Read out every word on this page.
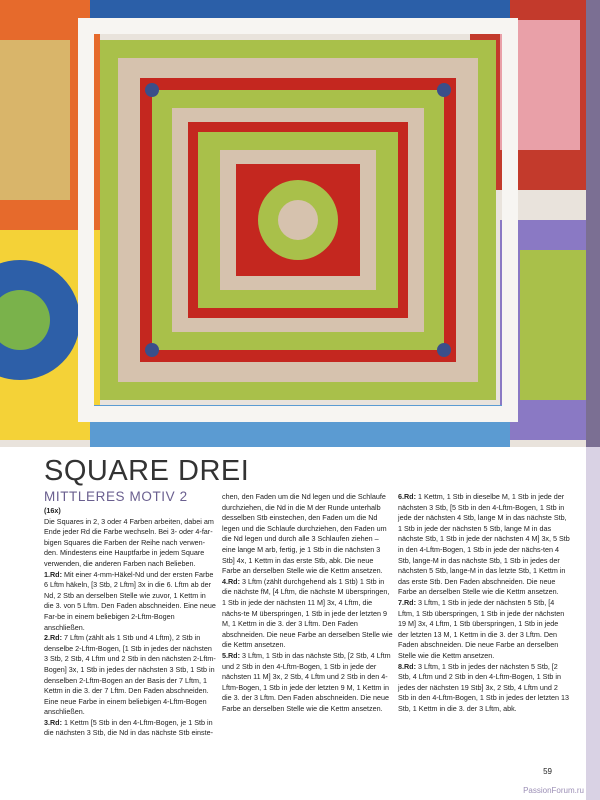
SQUARE DREI
MITTLERES MOTIV 2

(16x)

Die Squares in 2, 3 oder 4 Farben arbeiten, dabei am Ende jeder Rd die Farbe wechseln. Bei 3- oder 4-far-bigen Squares die Farben der Reihe nach verwen-den. Mindestens eine Hauptfarbe in jedem Square verwenden, die anderen Farben nach Belieben.

1.Rd: Mit einer 4-mm-Häkel-Nd und der ersten Farbe 6 Lftm häkeln, [3 Stb, 2 Lftm] 3x in die 6. Lftm ab der Nd, 2 Stb an derselben Stelle wie zuvor, 1 Kettm in die 3. von 5 Lftm. Den Faden abschneiden. Eine neue Far-be in einem beliebigen 2-Lftm-Bogen anschließen.

2.Rd: 7 Lftm (zählt als 1 Stb und 4 Lftm), 2 Stb in denselbe 2-Lftm-Bogen, [1 Stb in jedes der nächsten 3 Stb, 2 Stb, 4 Lftm und 2 Stb in den nächsten 2-Lftm-Bogen] 3x, 1 Stb in jedes der nächsten 3 Stb, 1 Stb in denselben 2-Lftm-Bogen an der Basis der 7 Lftm, 1 Kettm in die 3. der 7 Lftm. Den Faden abschneiden. Eine neue Farbe in einem beliebigen 4-Lftm-Bogen anschließen.

3.Rd: 1 Kettm [5 Stb in den 4-Lftm-Bogen, je 1 Stb in die nächsten 3 Stb, die Nd in das nächste Stb einste-

chen, den Faden um die Nd legen und die Schlaufe durchziehen, die Nd in die M der Runde unterhalb desselben Stb einstechen, den Faden um die Nd legen und die Schlaufe durchziehen, den Faden um die Nd legen und durch alle 3 Schlaufen ziehen – eine lange M arb, fertig, je 1 Stb in die nächsten 3 Stb] 4x, 1 Kettm in das erste Stb, abk. Die neue Farbe an derselben Stelle wie die Kettm ansetzen.

4.Rd: 3 Lftm (zählt durchgehend als 1 Stb) 1 Stb in die nächste fM, [4 Lftm, die nächste M überspringen, 1 Stb in jede der nächsten 11 M] 3x, 4 Lftm, die nächs-te M überspringen, 1 Stb in jede der letzten 9 M, 1 Kettm in die 3. der 3 Lftm. Den Faden abschneiden. Die neue Farbe an derselben Stelle wie die Kettm ansetzen.

5.Rd: 3 Lftm, 1 Stb in das nächste Stb, [2 Stb, 4 Lftm und 2 Stb in den 4-Lftm-Bogen, 1 Stb in jede der nächsten 11 M] 3x, 2 Stb, 4 Lftm und 2 Stb in den 4-Lftm-Bogen, 1 Stb in jede der letzten 9 M, 1 Kettm in die 3. der 3 Lftm. Den Faden abschneiden. Die neue Farbe an derselben Stelle wie die Kettm ansetzen.

6.Rd: 1 Kettm, 1 Stb in dieselbe M, 1 Stb in jede der nächsten 3 Stb, [5 Stb in den 4-Lftm-Bogen, 1 Stb in jede der nächsten 4 Stb, lange M in das nächste Stb, 1 Stb in jede der nächsten 5 Stb, lange M in das nächste Stb, 1 Stb in jede der nächsten 4 M] 3x, 5 Stb in den 4-Lftm-Bogen, 1 Stb in jede der nächs-ten 4 Stb, lange-M in das nächste Stb, 1 Stb in jedes der nächsten 5 Stb, lange-M in das letzte Stb, 1 Kettm in das erste Stb. Den Faden abschneiden. Die neue Farbe an derselben Stelle wie die Kettm ansetzen.

7.Rd: 3 Lftm, 1 Stb in jede der nächsten 5 Stb, [4 Lftm, 1 Stb überspringen, 1 Stb in jede der nächsten 19 M] 3x, 4 Lftm, 1 Stb überspringen, 1 Stb in jede der letzten 13 M, 1 Kettm in die 3. der 3 Lftm. Den Faden abschneiden. Die neue Farbe an derselben Stelle wie die Kettm ansetzen.

8.Rd: 3 Lftm, 1 Stb in jedes der nächsten 5 Stb, [2 Stb, 4 Lftm und 2 Stb in den 4-Lftm-Bogen, 1 Stb in jedes der nächsten 19 Stb] 3x, 2 Stb, 4 Lftm und 2 Stb in den 4-Lftm-Bogen, 1 Stb in jedes der letzten 13 Stb, 1 Kettm in die 3. der 3 Lftm, abk.

59
PassionForum.ru
